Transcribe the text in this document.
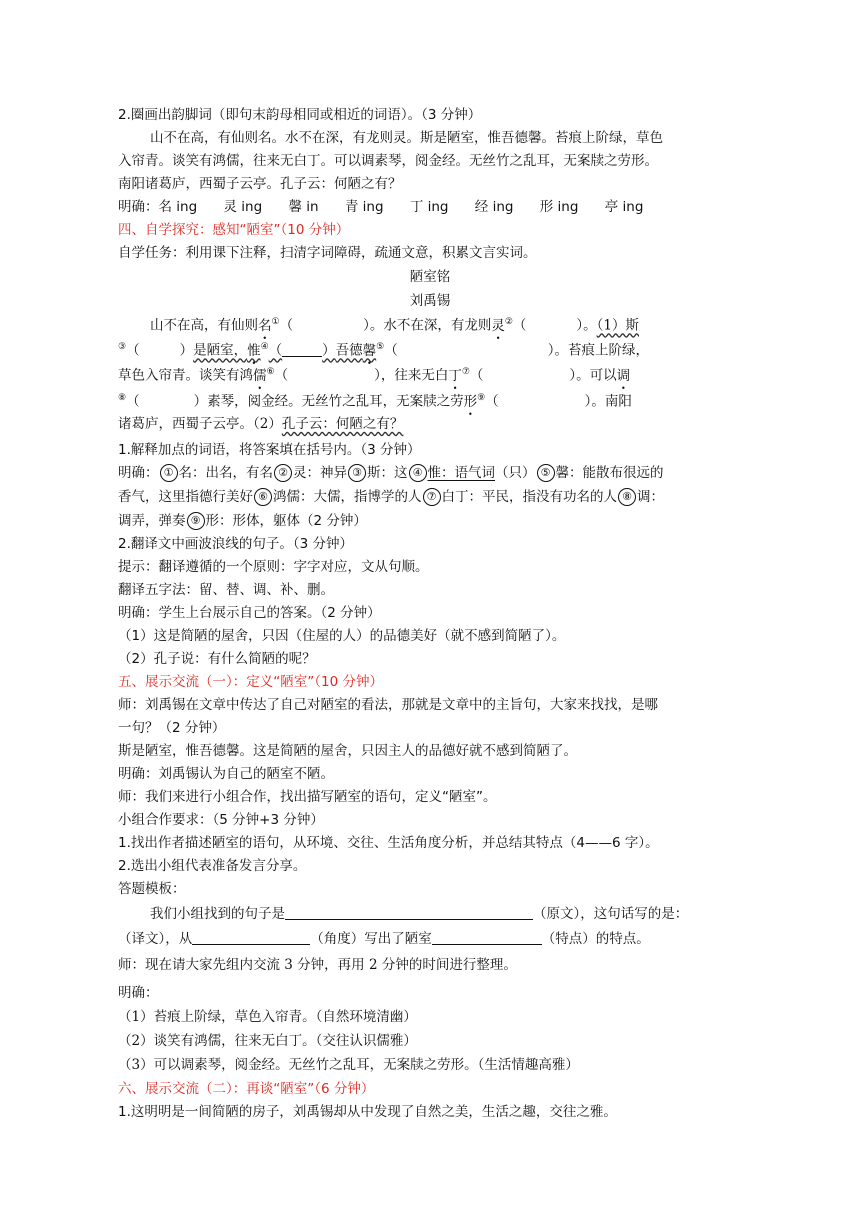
2.圈画出韵脚词（即句末韵母相同或相近的词语）。（3 分钟）
山不在高，有仙则名。水不在深，有龙则灵。斯是陋室，惟吾德馨。苔痕上阶绿，草色
入帘青。谈笑有鸿儒，往来无白丁。可以调素琴，阅金经。无丝竹之乱耳，无案牍之劳形。
南阳诸葛庐，西蜀子云亭。孔子云：何陋之有？
明确：名 ing 灵 ing 馨 in 青 ing 丁 ing 经 ing 形 ing 亭 ing
四、自学探究：感知“陋室”（10 分钟）
自学任务：利用课下注释，扫清字词障碍，疏通文意，积累文言实词。
陋室铭
刘禹锡
山不在高，有仙则名①（	）。水不在深，有龙则灵②（	）。（1）斯
③（	）是陋室，惟④（	）吾德馨⑤（	）。苔痕上阶绿，
草色入帘青。谈笑有鸿儒⑥（	），往来无白丁⑦（	）。可以调
⑧（	）素琴，阅金经。无丝竹之乱耳，无案牍之劳形⑨（	）。南阳
诸葛庐，西蜀子云亭。（2）孔子云：何陋之有？
1.解释加点的词语，将答案填在括号内。（3 分钟）
明确： ① 名：出名，有名 ② 灵：神异 ③ 斯：这 ④ 惟：语气词（只） ⑤ 馨：能散布很远的
香气，这里指德行美好 ⑥ 鸿儒：大儒，指博学的人 ⑦ 白丁：平民，指没有功名的人 ⑧ 调：
调弄，弹奏 ⑨ 形：形体，躯体（2 分钟）
2.翻译文中画波浪线的句子。（3 分钟）
提示：翻译遵循的一个原则：字字对应，文从句顺。
翻译五字法：留、替、调、补、删。
明确：学生上台展示自己的答案。（2 分钟）
（1）这是简陋的屋舍，只因（住屋的人）的品德美好（就不感到简陋了）。
（2）孔子说：有什么简陋的呢？
五、展示交流（一）：定义“陋室”（10 分钟）
师：刘禹锡在文章中传达了自己对陋室的看法，那就是文章中的主旨句，大家来找找，是哪
一句？（2 分钟）
斯是陋室，惟吾德馨。这是简陋的屋舍，只因主人的品德好就不感到简陋了。
明确：刘禹锡认为自己的陋室不陋。
师：我们来进行小组合作，找出描写陋室的语句，定义“陋室”。
小组合作要求：（5 分钟+3 分钟）
1.找出作者描述陋室的语句，从环境、交往、生活角度分析，并总结其特点（4——6 字）。
2.选出小组代表准备发言分享。
答题模板：
我们小组找到的句子是	（原文），这句话写的是：
（译文），从	（角度）写出了陋室	（特点）的特点。
师：现在请大家先组内交流 3 分钟，再用 2 分钟的时间进行整理。
明确：
（1）苔痕上阶绿，草色入帘青。（自然环境清幽）
（2）谈笑有鸿儒，往来无白丁。（交往认识儒雅）
（3）可以调素琴，阅金经。无丝竹之乱耳，无案牍之劳形。（生活情趣高雅）
六、展示交流（二）：再谈“陋室”（6 分钟）
1.这明明是一间简陋的房子，刘禹锡却从中发现了自然之美，生活之趣，交往之雅。
